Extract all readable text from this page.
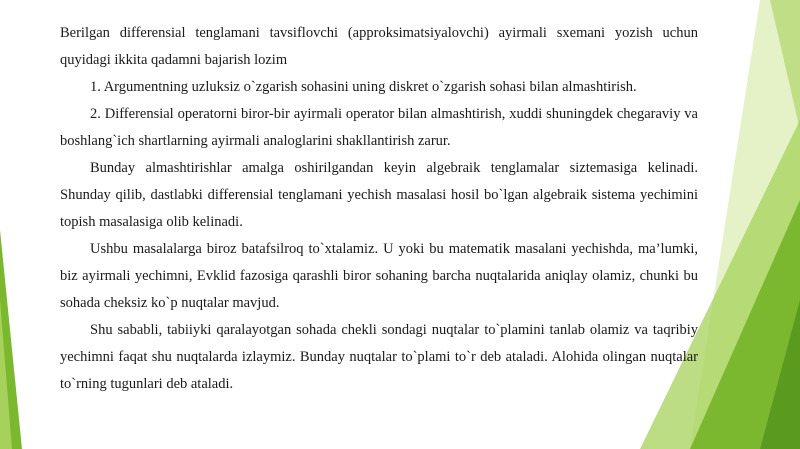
Berilgan differensial tenglamani tavsiflovchi (approksimatsiyalovchi) ayirmali sxemani yozish uchun quyidagi ikkita qadamni bajarish lozim

1. Argumentning uzluksiz o`zgarish sohasini uning diskret o`zgarish sohasi bilan almashtirish.

2. Differensial operatorni biror-bir ayirmali operator bilan almashtirish, xuddi shuningdek chegaraviy va boshlang`ich shartlarning ayirmali analoglarini shakllantirish zarur.

Bunday almashtirishlar amalga oshirilgandan keyin algebraik tenglamalar siztemasiga kelinadi. Shunday qilib, dastlabki differensial tenglamani yechish masalasi hosil bo`lgan algebraik sistema yechimini topish masalasiga olib kelinadi.

Ushbu masalalarga biroz batafsilroq to`xtalamiz. U yoki bu matematik masalani yechishda, ma’lumki, biz ayirmali yechimni, Evklid fazosiga qarashli biror sohaning barcha nuqtalarida aniqlay olamiz, chunki bu sohada cheksiz ko`p nuqtalar mavjud.

Shu sababli, tabiiyki qaralayotgan sohada chekli sondagi nuqtalar to`plamini tanlab olamiz va taqribiy yechimni faqat shu nuqtalarda izlaymiz. Bunday nuqtalar to`plami to`r deb ataladi. Alohida olingan nuqtalar to`rning tugunlari deb ataladi.
